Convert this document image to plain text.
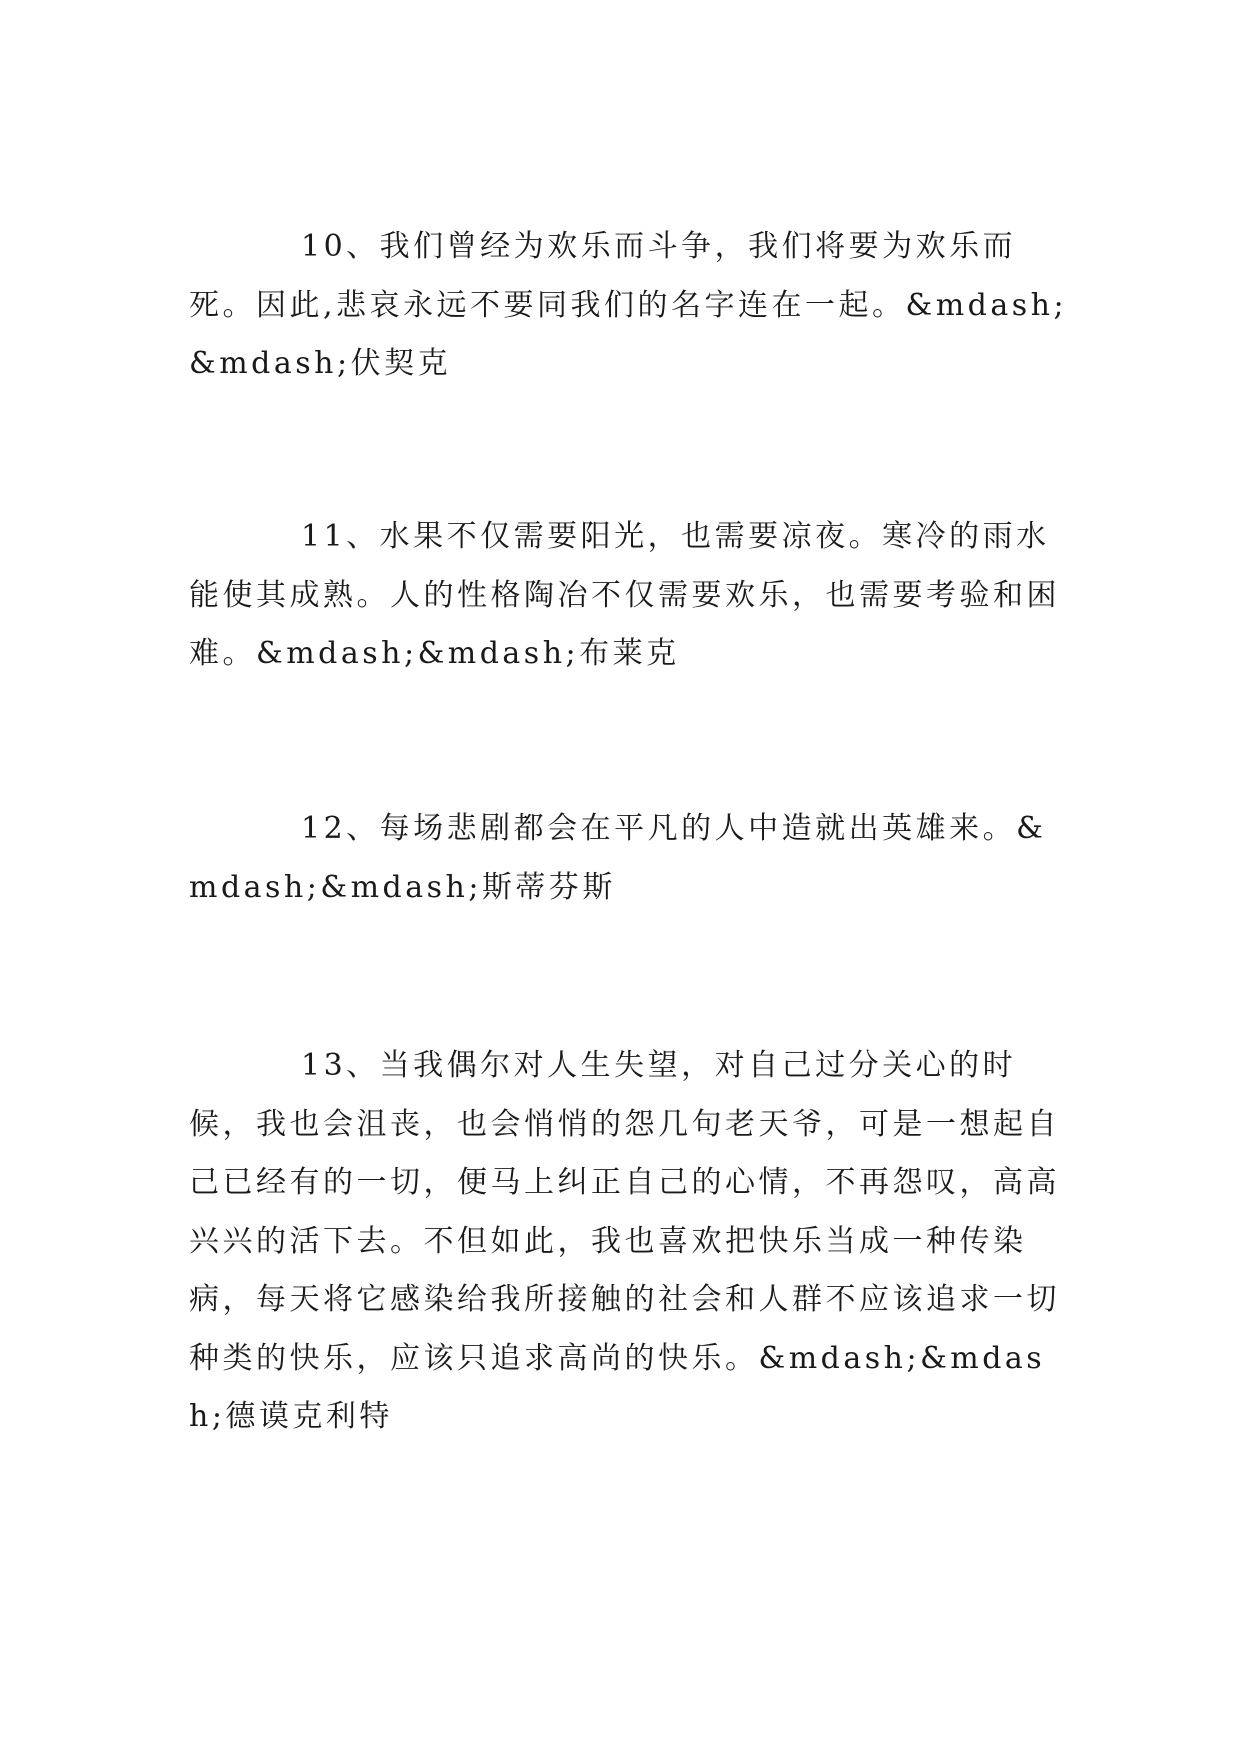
10、我们曾经为欢乐而斗争，我们将要为欢乐而死。因此,悲哀永远不要同我们的名字连在一起。&mdash;&mdash;伏契克

11、水果不仅需要阳光，也需要凉夜。寒冷的雨水能使其成熟。人的性格陶冶不仅需要欢乐，也需要考验和困难。&mdash;&mdash;布莱克

12、每场悲剧都会在平凡的人中造就出英雄来。&mdash;&mdash;斯蒂芬斯

13、当我偶尔对人生失望，对自己过分关心的时候，我也会沮丧，也会悄悄的怨几句老天爷，可是一想起自己已经有的一切，便马上纠正自己的心情，不再怨叹，高高兴兴的活下去。不但如此，我也喜欢把快乐当成一种传染病，每天将它感染给我所接触的社会和人群不应该追求一切种类的快乐，应该只追求高尚的快乐。&mdash;&mdash;德谟克利特
